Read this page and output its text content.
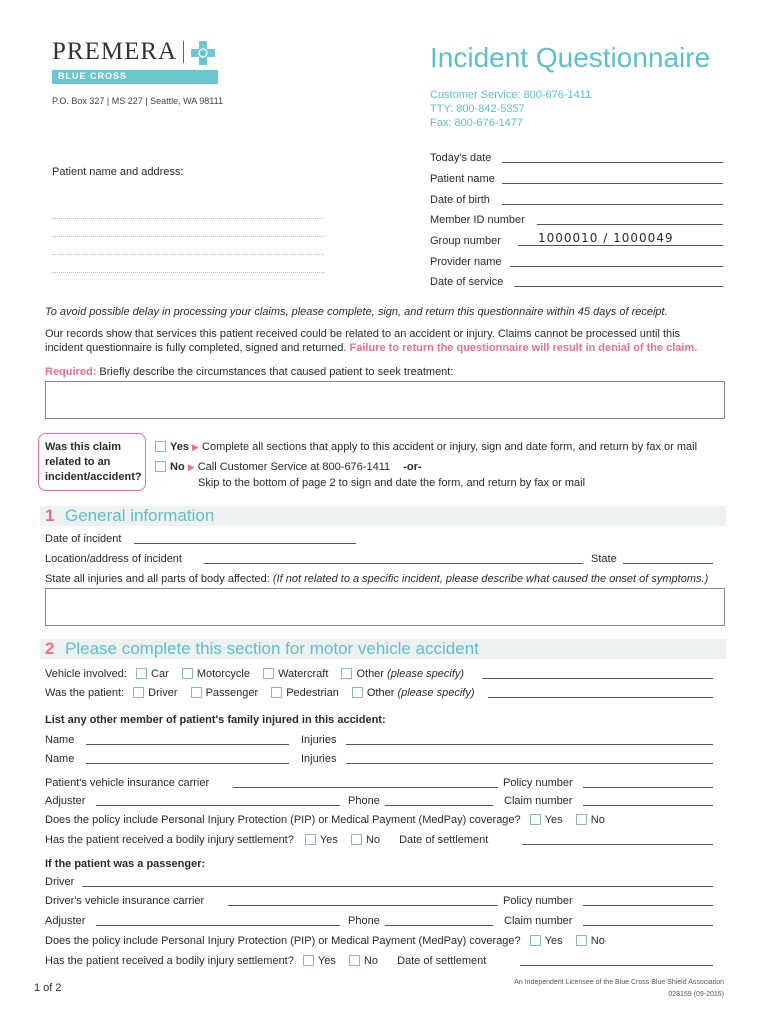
PREMERA
BLUE CROSS
P.O. Box 327 | MS 227 | Seattle, WA 98111
Incident Questionnaire
Customer Service: 800-676-1411
TTY: 800-842-5357
Fax: 800-676-1477
Patient name and address:
Today's date
Patient name
Date of birth
Member ID number
Group number	1000010 / 1000049
Provider name
Date of service
To avoid possible delay in processing your claims, please complete, sign, and return this questionnaire within 45 days of receipt.
Our records show that services this patient received could be related to an accident or injury. Claims cannot be processed until this
incident questionnaire is fully completed, signed and returned. Failure to return the questionnaire will result in denial of the claim.
Required: Briefly describe the circumstances that caused patient to seek treatment:
Was this claim
related to an
incident/accident?
Yes ▶ Complete all sections that apply to this accident or injury, sign and date form, and return by fax or mail
No ▶ Call Customer Service at 800-676-1411 -or-
Skip to the bottom of page 2 to sign and date the form, and return by fax or mail
1 General information
Date of incident
Location/address of incident	State
State all injuries and all parts of body affected: (If not related to a specific incident, please describe what caused the onset of symptoms.)
2 Please complete this section for motor vehicle accident
Vehicle involved: Car	Motorcycle	Watercraft	Other (please specify)
Was the patient: Driver	Passenger	Pedestrian	Other (please specify)
List any other member of patient's family injured in this accident:
Name	Injuries
Name	Injuries
Patient's vehicle insurance carrier	Policy number
Adjuster	Phone	Claim number
Does the policy include Personal Injury Protection (PIP) or Medical Payment (MedPay) coverage? Yes	No
Has the patient received a bodily injury settlement? Yes	No Date of settlement
If the patient was a passenger:
Driver
Driver's vehicle insurance carrier	Policy number
Adjuster	Phone	Claim number
Does the policy include Personal Injury Protection (PIP) or Medical Payment (MedPay) coverage? Yes	No
Has the patient received a bodily injury settlement? Yes	No Date of settlement
1 of 2	An Independent Licensee of the Blue Cross Blue Shield Association
028159 (09-2015)
